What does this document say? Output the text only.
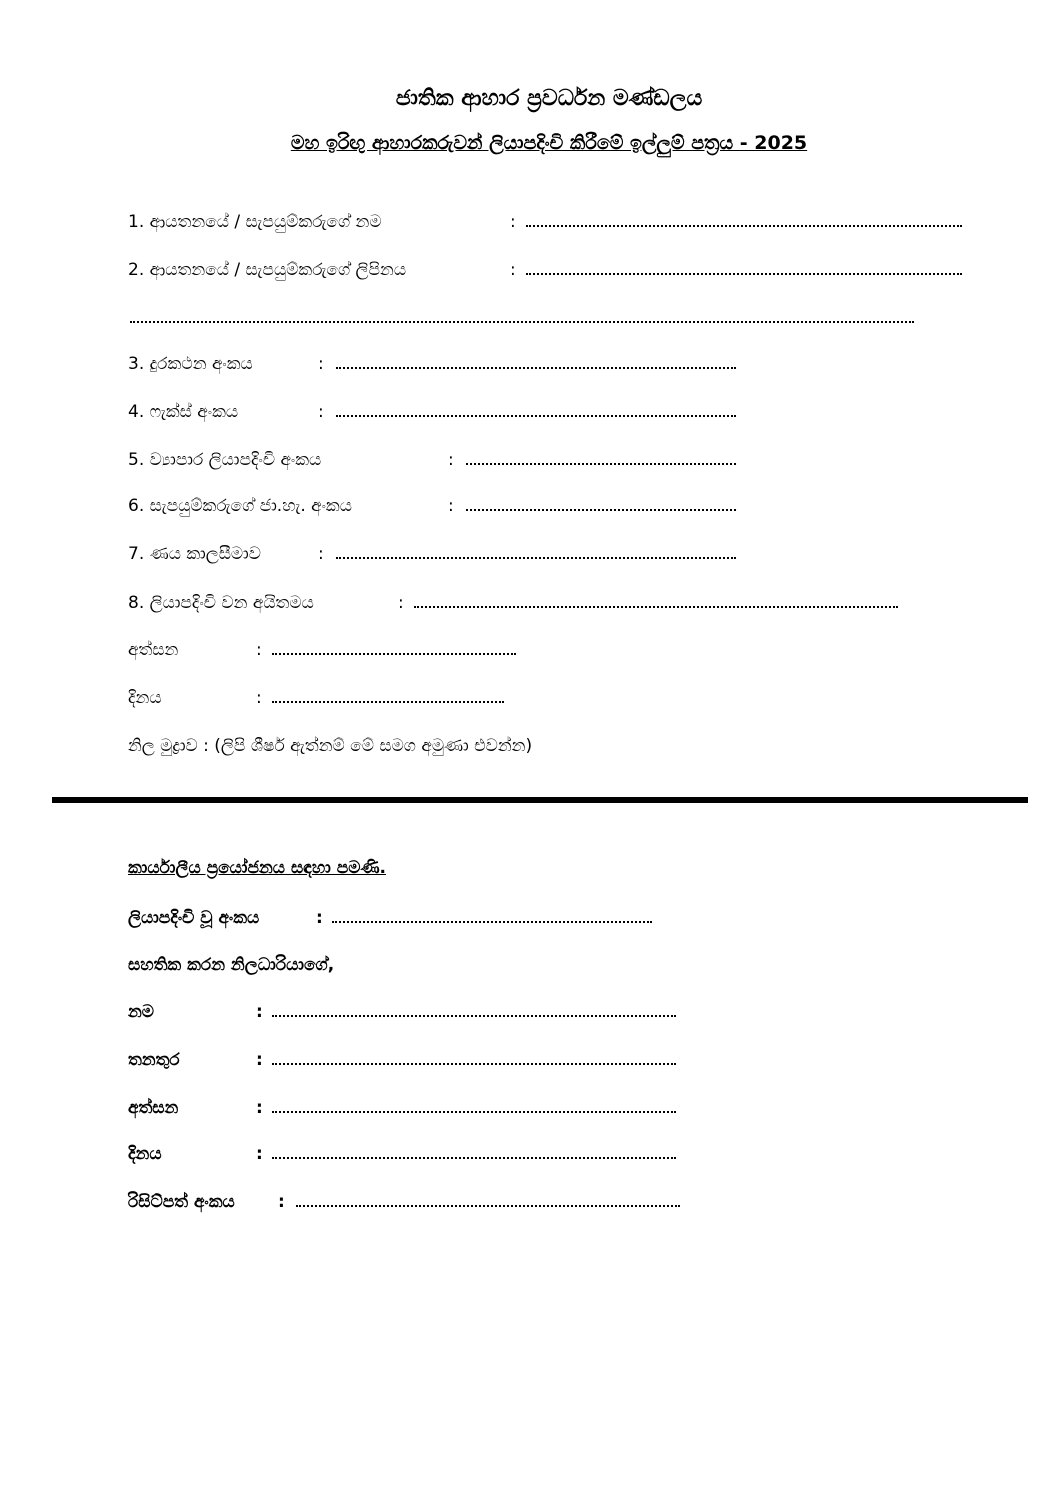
ජාතික ආහාර ප්‍රවර්ධන මණ්ඩලය
මහ ඉරිඟු ආහාරකරුවන් ලියාපදිංචි කිරීමේ ඉල්ලුම් පත්‍රය - 2025
1. ආයතනයේ / සැපයුම්කරුගේ නම	:
2. ආයතනයේ / සැපයුම්කරුගේ ලිපිනය	:
3. දුරකථන අංකය	:
4. ෆැක්ස් අංකය	:
5. ව්‍යාපාර ලියාපදිංචි අංකය	:
6. සැපයුම්කරුගේ ජා.හැ. අංකය	:
7. ණය කාලසීමාව	:
8. ලියාපදිංචි වන අයිතමය	:
අත්සන	:
දිනය	:
නිල මුද්‍රාව : (ලිපි ශීර්ෂ ඇත්නම් මේ සමග අමුණා එවන්න)
කාර්යාලීය ප්‍රයෝජනය සඳහා පමණි.
ලියාපදිංචි වූ අංකය	:
සහතික කරන නිලධාරියාගේ,
නම	:
තනතුර	:
අත්සන	:
දිනය	:
රිසිට්පත් අංකය	:
